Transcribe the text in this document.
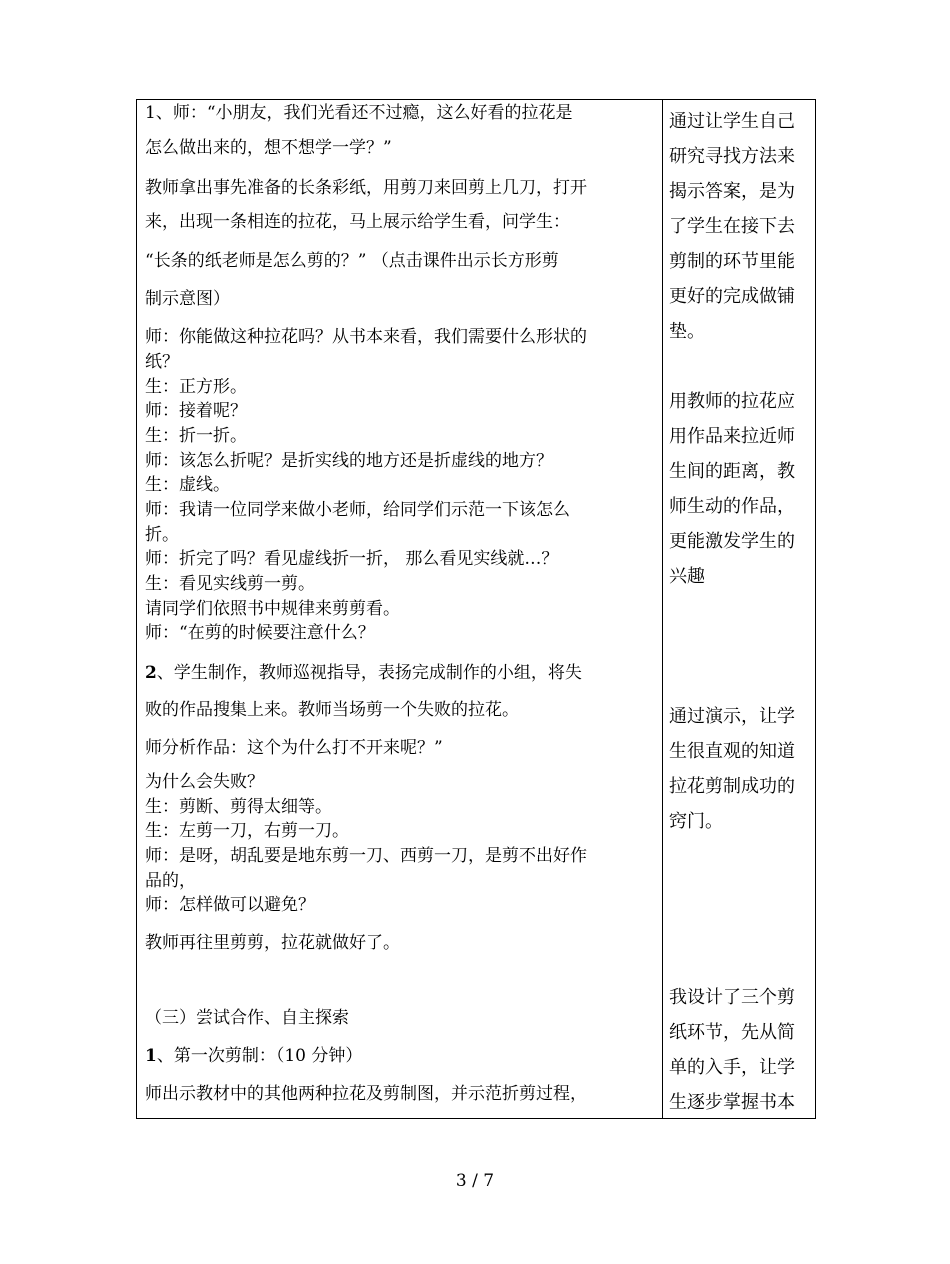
1、师：“小朋友，我们光看还不过瘾，这么好看的拉花是
怎么做出来的，想不想学一学？”
教师拿出事先准备的长条彩纸，用剪刀来回剪上几刀，打开
来，出现一条相连的拉花，马上展示给学生看，问学生：
“长条的纸老师是怎么剪的？” （点击课件出示长方形剪
制示意图）
师：你能做这种拉花吗？从书本来看，我们需要什么形状的
纸？
生：正方形。
师：接着呢？
生：折一折。
师：该怎么折呢？是折实线的地方还是折虚线的地方？
生：虚线。
师：我请一位同学来做小老师，给同学们示范一下该怎么
折。
师：折完了吗？看见虚线折一折， 那么看见实线就…？
生：看见实线剪一剪。
请同学们依照书中规律来剪剪看。
师：“在剪的时候要注意什么？
2、学生制作，教师巡视指导，表扬完成制作的小组，将失
败的作品搜集上来。教师当场剪一个失败的拉花。
师分析作品：这个为什么打不开来呢？”
为什么会失败？
生：剪断、剪得太细等。
生：左剪一刀，右剪一刀。
师：是呀，胡乱要是地东剪一刀、西剪一刀，是剪不出好作
品的，
师：怎样做可以避免？
教师再往里剪剪，拉花就做好了。
（三）尝试合作、自主探索
1、第一次剪制：（10 分钟）
师出示教材中的其他两种拉花及剪制图，并示范折剪过程，
通过让学生自己
研究寻找方法来
揭示答案，是为
了学生在接下去
剪制的环节里能
更好的完成做铺
垫。
用教师的拉花应
用作品来拉近师
生间的距离，教
师生动的作品，
更能激发学生的
兴趣
通过演示，让学
生很直观的知道
拉花剪制成功的
窍门。
我设计了三个剪
纸环节，先从简
单的入手，让学
生逐步掌握书本
3 / 7
